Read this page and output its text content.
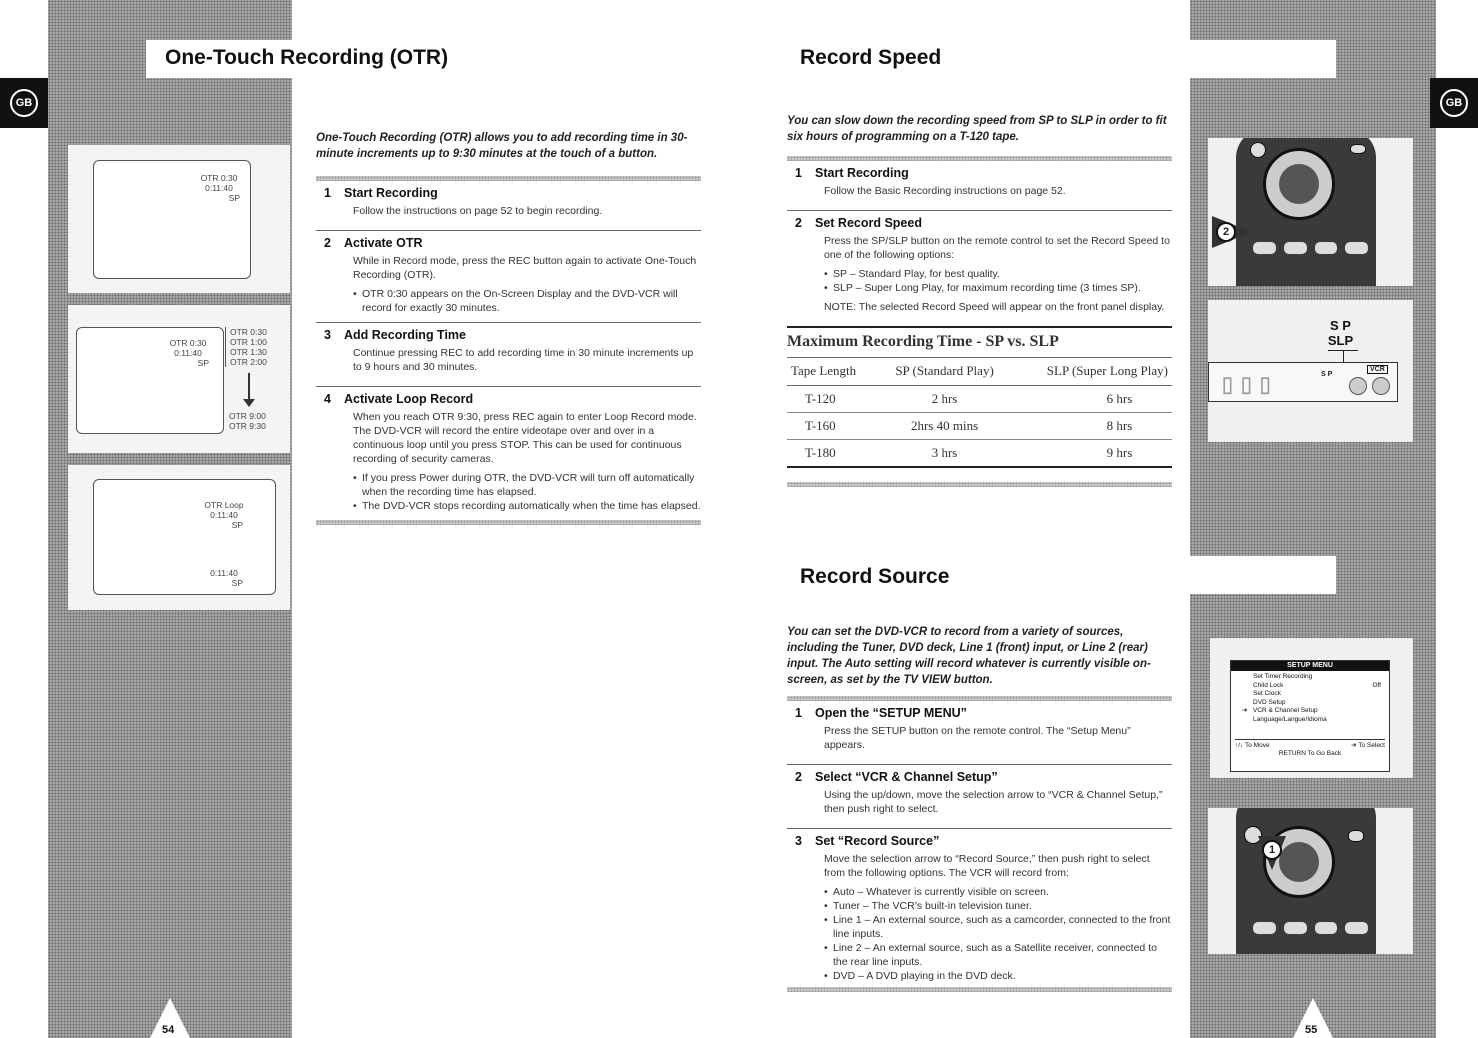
GB	GB
One-Touch Recording (OTR)
OTR 0:30
0:11:40
SP
OTR 0:30
0:11:40
SP
OTR 0:30
OTR 1:00
OTR 1:30
OTR 2:00
OTR 9:00
OTR 9:30
OTR Loop
0:11:40
SP
0:11:40
SP
One-Touch Recording (OTR) allows you to add recording time in 30-minute increments up to 9:30 minutes at the touch of a button.
1	Start Recording

Follow the instructions on page 52 to begin recording.

2	Activate OTR

While in Record mode, press the REC button again to activate One-Touch Recording (OTR).

• OTR 0:30 appears on the On-Screen Display and the DVD-VCR will record for exactly 30 minutes.
3	Add Recording Time

Continue pressing REC to add recording time in 30 minute increments up to 9 hours and 30 minutes.

4	Activate Loop Record

When you reach OTR 9:30, press REC again to enter Loop Record mode. The DVD-VCR will record the entire videotape over and over in a continuous loop until you press STOP. This can be used for continuous recording of security cameras.

• If you press Power during OTR, the DVD-VCR will turn off automatically when the recording time has elapsed.
• The DVD-VCR stops recording automatically when the time has elapsed.
54
Record Speed
You can slow down the recording speed from SP to SLP in order to fit six hours of programming on a T-120 tape.
1	Start Recording

Follow the Basic Recording instructions on page 52.

2	Set Record Speed

Press the SP/SLP button on the remote control to set the Record Speed to one of the following options:

• SP – Standard Play, for best quality.
• SLP – Super Long Play, for maximum recording time (3 times SP).

NOTE: The selected Record Speed will appear on the front panel display.

Maximum Recording Time - SP vs. SLP
Tape Length	SP (Standard Play)	SLP (Super Long Play)
T-120	2 hrs	6 hrs
T-160	2hrs 40 mins	8 hrs
T-180	3 hrs	9 hrs
Record Source
You can set the DVD-VCR to record from a variety of sources, including the Tuner, DVD deck, Line 1 (front) input, or Line 2 (rear) input. The Auto setting will record whatever is currently visible on-screen, as set by the TV VIEW button.
1	Open the “SETUP MENU”

Press the SETUP button on the remote control. The “Setup Menu” appears.

2	Select “VCR & Channel Setup”

Using the up/down, move the selection arrow to “VCR & Channel Setup,” then push right to select.

3	Set “Record Source”

Move the selection arrow to “Record Source,” then push right to select from the following options. The VCR will record from:

• Auto – Whatever is currently visible on screen.
• Tuner – The VCR’s built-in television tuner.
• Line 1 – An external source, such as a camcorder, connected to the front line inputs.
• Line 2 – An external source, such as a Satellite receiver, connected to the rear line inputs.
• DVD – A DVD playing in the DVD deck.
2
S P
SLP
▯▯▯	S P
VCR
SETUP MENU
Set Timer Recording
Child Lock	Off
Set Clock
DVD Setup
➔ VCR & Channel Setup
Language/Langue/Idioma
↑/↓ To Move	➔ To Select
RETURN To Go Back
1
55
